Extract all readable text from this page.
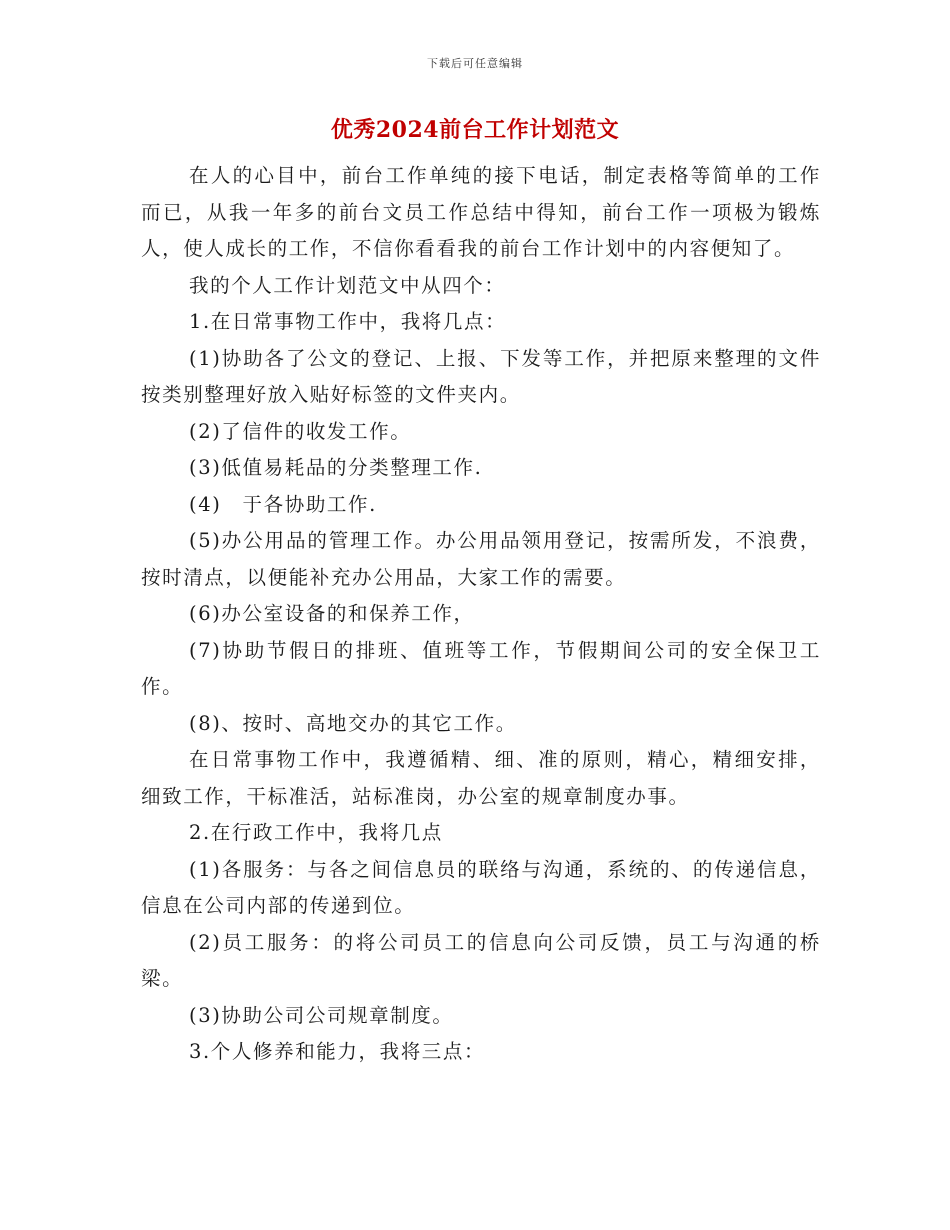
下载后可任意编辑
优秀2024前台工作计划范文

在人的心目中，前台工作单纯的接下电话，制定表格等简单的工作而已，从我一年多的前台文员工作总结中得知，前台工作一项极为锻炼人，使人成长的工作，不信你看看我的前台工作计划中的内容便知了。

我的个人工作计划范文中从四个：

1.在日常事物工作中，我将几点：

(1)协助各了公文的登记、上报、下发等工作，并把原来整理的文件按类别整理好放入贴好标签的文件夹内。

(2)了信件的收发工作。

(3)低值易耗品的分类整理工作.

(4)　于各协助工作.

(5)办公用品的管理工作。办公用品领用登记，按需所发，不浪费，按时清点，以便能补充办公用品，大家工作的需要。

(6)办公室设备的和保养工作，

(7)协助节假日的排班、值班等工作，节假期间公司的安全保卫工作。

(8)、按时、高地交办的其它工作。

在日常事物工作中，我遵循精、细、准的原则，精心，精细安排，细致工作，干标准活，站标准岗，办公室的规章制度办事。

2.在行政工作中，我将几点

(1)各服务：与各之间信息员的联络与沟通，系统的、的传递信息，信息在公司内部的传递到位。

(2)员工服务：的将公司员工的信息向公司反馈，员工与沟通的桥梁。

(3)协助公司公司规章制度。

3.个人修养和能力，我将三点：
